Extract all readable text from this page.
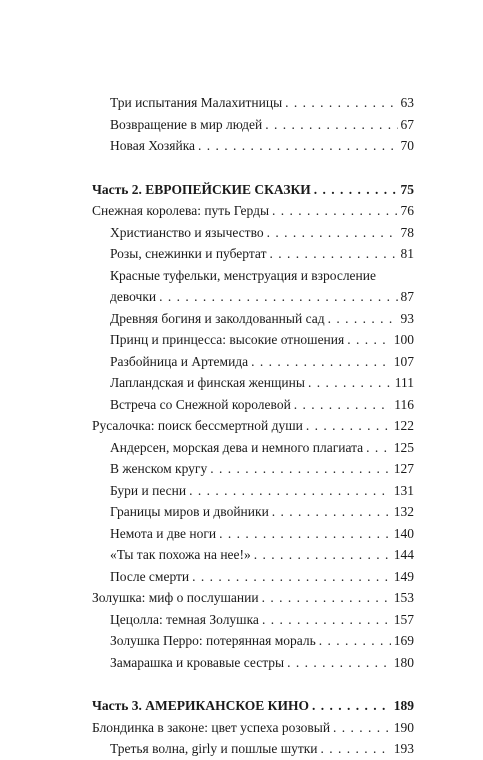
Три испытания Малахитницы . . .	63
Возвращение в мир людей . . .	67
Новая Хозяйка . . .	70
Часть 2. ЕВРОПЕЙСКИЕ СКАЗКИ . . .	75
Снежная королева: путь Герды . . .	76
Христианство и язычество . . .	78
Розы, снежинки и пубертат . . .	81
Красные туфельки, менструация и взросление
девочки . . .	87
Древняя богиня и заколдованный сад . . .	93
Принц и принцесса: высокие отношения . . .	100
Разбойница и Артемида . . .	107
Лапландская и финская женщины . . .	111
Встреча со Снежной королевой . . .	116
Русалочка: поиск бессмертной души . . .	122
Андерсен, морская дева и немного плагиата . . . 125
В женском кругу . . .	127
Бури и песни . . .	131
Границы миров и двойники . . .	132
Немота и две ноги . . .	140
«Ты так похожа на нее!» . . .	144
После смерти . . .	149
Золушка: миф о послушании . . .	153
Цецолла: темная Золушка . . .	157
Золушка Перро: потерянная мораль . . .	169
Замарашка и кровавые сестры . . .	180
Часть 3. АМЕРИКАНСКОЕ КИНО . . .	189
Блондинка в законе: цвет успеха розовый . . .	190
Третья волна, girly и пошлые шутки . . .	193
